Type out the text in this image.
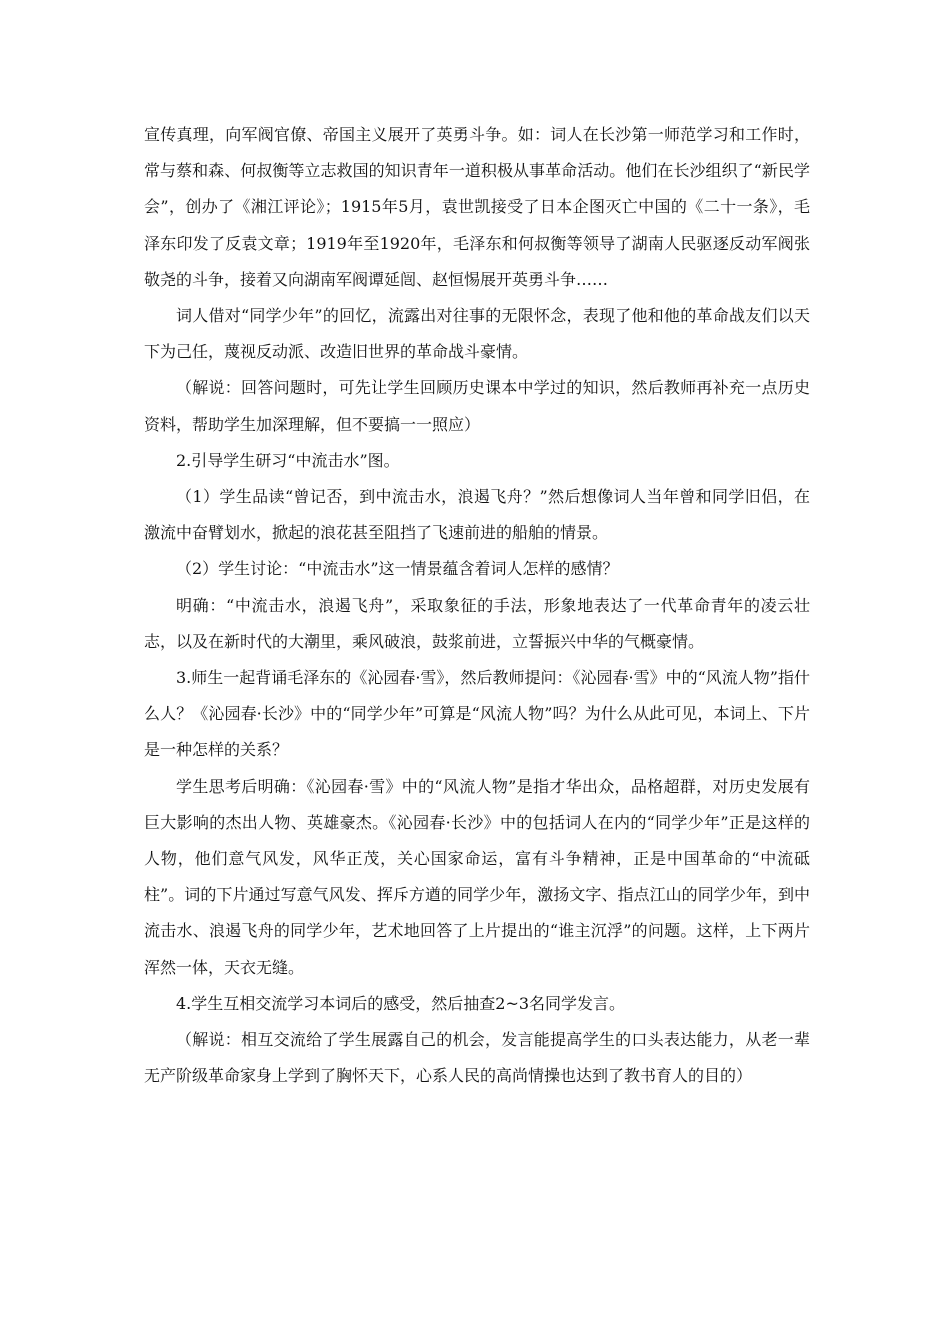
宣传真理，向军阀官僚、帝国主义展开了英勇斗争。如：词人在长沙第一师范学习和工作时，常与蔡和森、何叔衡等立志救国的知识青年一道积极从事革命活动。他们在长沙组织了“新民学会”，创办了《湘江评论》；1915年5月，袁世凯接受了日本企图灭亡中国的《二十一条》，毛泽东印发了反袁文章；1919年至1920年，毛泽东和何叔衡等领导了湖南人民驱逐反动军阀张敬尧的斗争，接着又向湖南军阀谭延闿、赵恒惕展开英勇斗争……

词人借对“同学少年”的回忆，流露出对往事的无限怀念，表现了他和他的革命战友们以天下为己任，蔑视反动派、改造旧世界的革命战斗豪情。

（解说：回答问题时，可先让学生回顾历史课本中学过的知识，然后教师再补充一点历史资料，帮助学生加深理解，但不要搞一一照应）

2.引导学生研习“中流击水”图。

（1）学生品读“曾记否，到中流击水，浪遏飞舟？”然后想像词人当年曾和同学旧侣，在激流中奋臂划水，掀起的浪花甚至阻挡了飞速前进的船舶的情景。

（2）学生讨论：“中流击水”这一情景蕴含着词人怎样的感情？

明确：“中流击水，浪遏飞舟”，采取象征的手法，形象地表达了一代革命青年的凌云壮志，以及在新时代的大潮里，乘风破浪，鼓浆前进，立誓振兴中华的气概豪情。

3.师生一起背诵毛泽东的《沁园春·雪》，然后教师提问：《沁园春·雪》中的“风流人物”指什么人？《沁园春·长沙》中的“同学少年”可算是“风流人物”吗？为什么从此可见，本词上、下片是一种怎样的关系？

学生思考后明确：《沁园春·雪》中的“风流人物”是指才华出众，品格超群，对历史发展有巨大影响的杰出人物、英雄豪杰。《沁园春·长沙》中的包括词人在内的“同学少年”正是这样的人物，他们意气风发，风华正茂，关心国家命运，富有斗争精神，正是中国革命的“中流砥柱”。词的下片通过写意气风发、挥斥方遒的同学少年，激扬文字、指点江山的同学少年，到中流击水、浪遏飞舟的同学少年，艺术地回答了上片提出的“谁主沉浮”的问题。这样，上下两片浑然一体，天衣无缝。

4.学生互相交流学习本词后的感受，然后抽查2~3名同学发言。

（解说：相互交流给了学生展露自己的机会，发言能提高学生的口头表达能力，从老一辈无产阶级革命家身上学到了胸怀天下，心系人民的高尚情操也达到了教书育人的目的）
